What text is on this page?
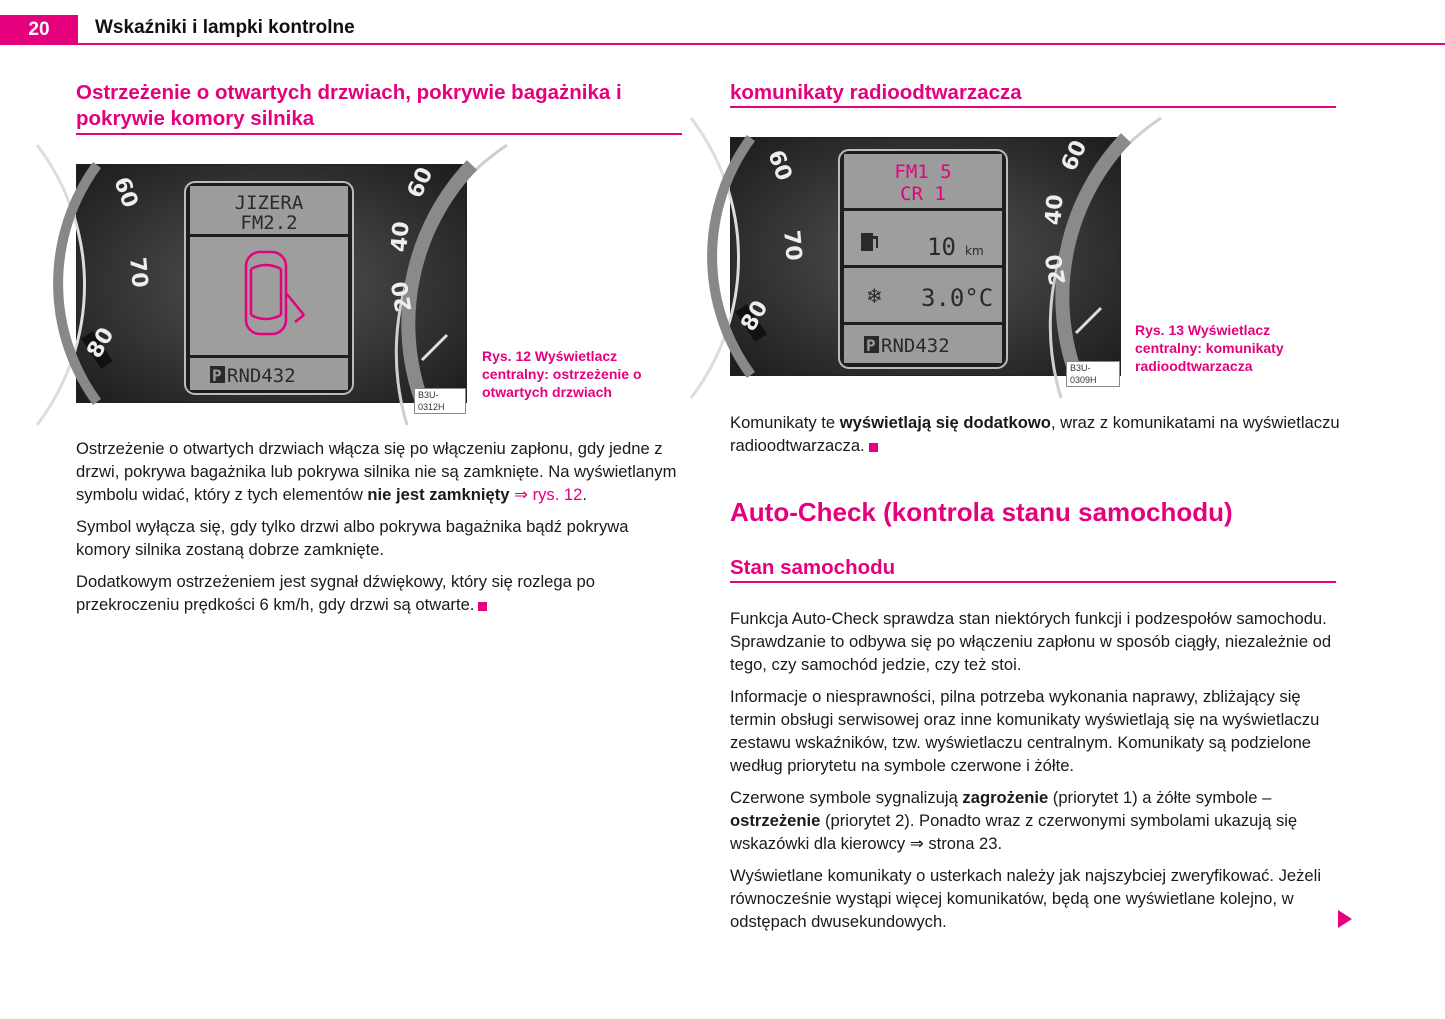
20	Wskaźniki i lampki kontrolne
Ostrzeżenie o otwartych drzwiach, pokrywie bagażnika i
pokrywie komory silnika
60
70
80
60
40
20
JIZERA
FM2.2
P RND432
B3U-0312H
Rys. 12 Wyświetlacz
centralny: ostrzeżenie o
otwartych drzwiach

Ostrzeżenie o otwartych drzwiach włącza się po włączeniu zapłonu, gdy jedne z drzwi, pokrywa bagażnika lub pokrywa silnika nie są zamknięte. Na wyświetlanym symbolu widać, który z tych elementów nie jest zamknięty ⇒ rys. 12.

Symbol wyłącza się, gdy tylko drzwi albo pokrywa bagażnika bądź pokrywa komory silnika zostaną dobrze zamknięte.

Dodatkowym ostrzeżeniem jest sygnał dźwiękowy, który się rozlega po przekroczeniu prędkości 6 km/h, gdy drzwi są otwarte.

komunikaty radioodtwarzacza
60
70
80
60
40
20
FM1 5
CR 1
10 km
❄ 3.0°C
P RND432
B3U-0309H
Rys. 13 Wyświetlacz
centralny: komunikaty
radioodtwarzacza

Komunikaty te wyświetlają się dodatkowo, wraz z komunikatami na wyświetlaczu radioodtwarzacza.

Auto-Check (kontrola stanu samochodu)
Stan samochodu

Funkcja Auto-Check sprawdza stan niektórych funkcji i podzespołów samochodu. Sprawdzanie to odbywa się po włączeniu zapłonu w sposób ciągły, niezależnie od tego, czy samochód jedzie, czy też stoi.

Informacje o niesprawności, pilna potrzeba wykonania naprawy, zbliżający się termin obsługi serwisowej oraz inne komunikaty wyświetlają się na wyświetlaczu zestawu wskaźników, tzw. wyświetlaczu centralnym. Komunikaty są podzielone według priorytetu na symbole czerwone i żółte.

Czerwone symbole sygnalizują zagrożenie (priorytet 1) a żółte symbole – ostrzeżenie (priorytet 2). Ponadto wraz z czerwonymi symbolami ukazują się wskazówki dla kierowcy ⇒ strona 23.

Wyświetlane komunikaty o usterkach należy jak najszybciej zweryfikować. Jeżeli równocześnie wystąpi więcej komunikatów, będą one wyświetlane kolejno, w odstępach dwusekundowych.
